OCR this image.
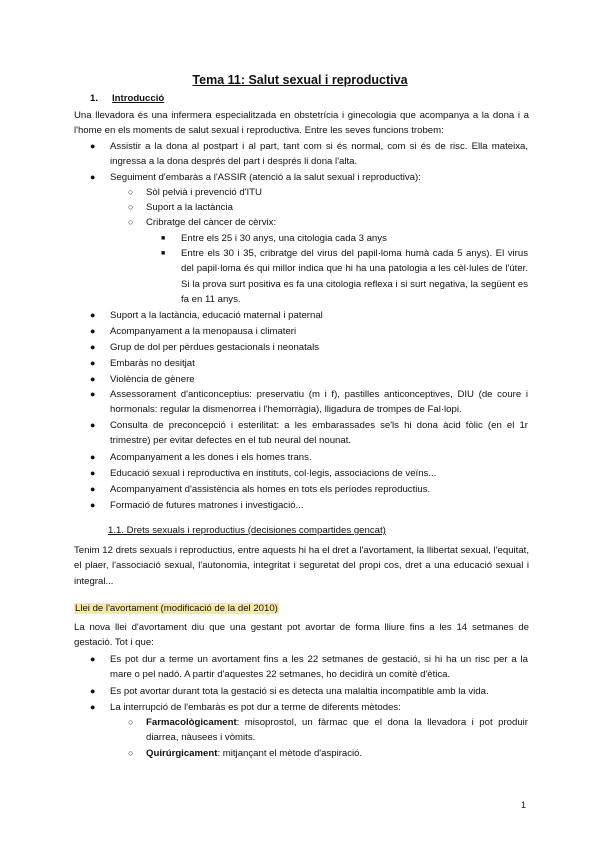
Tema 11: Salut sexual i reproductiva
1. Introducció
Una llevadora és una infermera especialitzada en obstetrícia i ginecologia que acompanya a la dona i a l'home en els moments de salut sexual i reproductiva. Entre les seves funcions trobem:
● Assistir a la dona al postpart i al part, tant com si és normal, com si és de risc. Ella mateixa, ingressa a la dona després del part i després li dona l'alta.
● Seguiment d'embaràs a l'ASSIR (atenció a la salut sexual i reproductiva):
○ Sòl pelvià i prevenció d'ITU
○ Suport a la lactància
○ Cribratge del càncer de cèrvix:
■ Entre els 25 i 30 anys, una citologia cada 3 anys
■ Entre els 30 i 35, cribratge del virus del papil·loma humà cada 5 anys). El virus del papil·loma és qui millor indica que hi ha una patologia a les cèl·lules de l'úter. Si la prova surt positiva es fa una citologia reflexa i si surt negativa, la següent es fa en 11 anys.
● Suport a la lactància, educació maternal i paternal
● Acompanyament a la menopausa i climateri
● Grup de dol per pèrdues gestacionals i neonatals
● Embaràs no desitjat
● Violència de gènere
● Assessorament d'anticonceptius: preservatiu (m i f), pastilles anticonceptives, DIU (de coure i hormonals: regular la dismenorrea i l'hemorràgia), lligadura de trompes de Fal·lopi.
● Consulta de preconcepció i esterilitat: a les embarassades se'ls hi dona àcid fòlic (en el 1r trimestre) per evitar defectes en el tub neural del nounat.
● Acompanyament a les dones i els homes trans.
● Educació sexual i reproductiva en instituts, col·legis, associacions de veïns...
● Acompanyament d'assistència als homes en tots els períodes reproductius.
● Formació de futures matrones i investigació...
1.1. Drets sexuals i reproductius (decisiones compartides gencat)
Tenim 12 drets sexuals i reproductius, entre aquests hi ha el dret a l'avortament, la llibertat sexual, l'equitat, el plaer, l'associació sexual, l'autonomia, integritat i seguretat del propi cos, dret a una educació sexual i integral...
Llei de l'avortament (modificació de la del 2010)
La nova llei d'avortament diu que una gestant pot avortar de forma lliure fins a les 14 setmanes de gestació. Tot i que:
● Es pot dur a terme un avortament fins a les 22 setmanes de gestació, si hi ha un risc per a la mare o pel nadó. A partir d'aquestes 22 setmanes, ho decidirà un comitè d'ètica.
● Es pot avortar durant tota la gestació si es detecta una malaltia incompatible amb la vida.
● La interrupció de l'embaràs es pot dur a terme de diferents mètodes:
○ Farmacològicament: misoprostol, un fàrmac que el dona la llevadora i pot produir diarrea, nàusees i vòmits.
○ Quirúrgicament: mitjançant el mètode d'aspiració.
1
